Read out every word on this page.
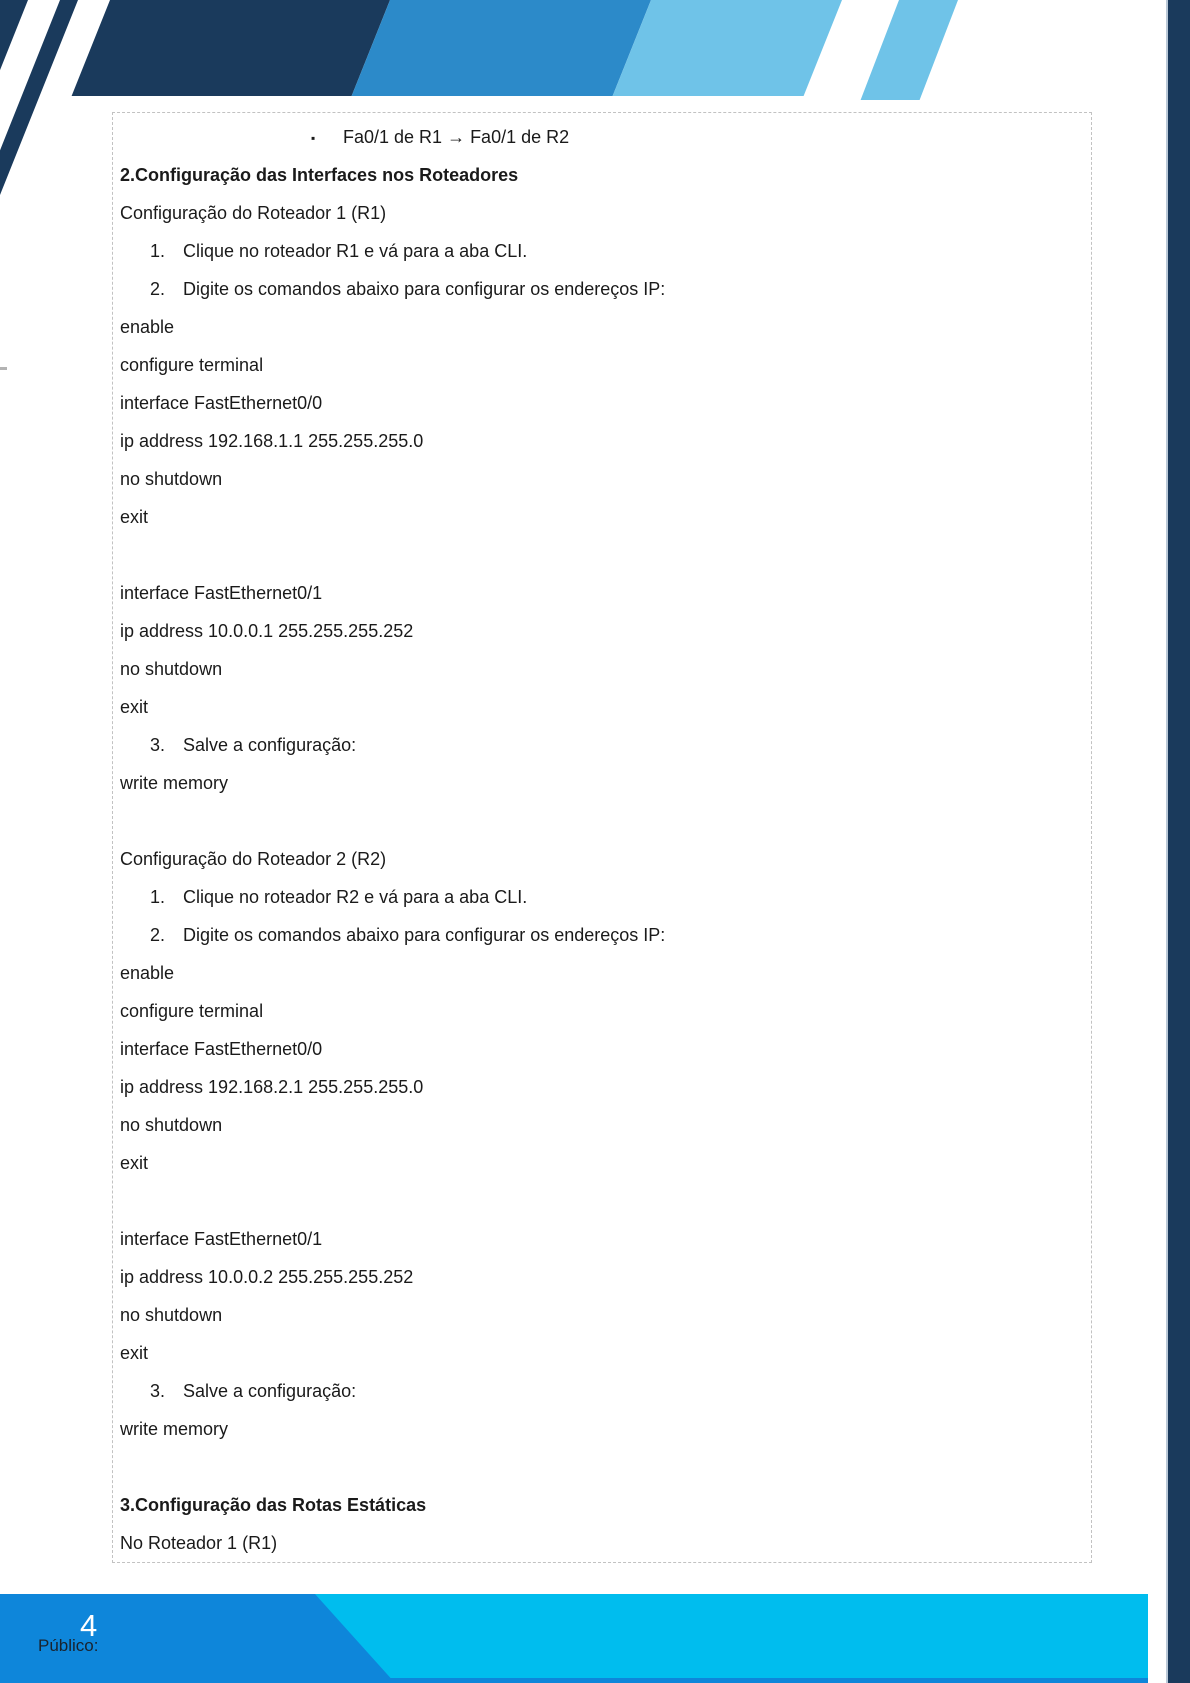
▪ Fa0/1 de R1 → Fa0/1 de R2
2.Configuração das Interfaces nos Roteadores
Configuração do Roteador 1 (R1)
1. Clique no roteador R1 e vá para a aba CLI.
2. Digite os comandos abaixo para configurar os endereços IP:
enable
configure terminal
interface FastEthernet0/0
ip address 192.168.1.1 255.255.255.0
no shutdown
exit
interface FastEthernet0/1
ip address 10.0.0.1 255.255.255.252
no shutdown
exit
3. Salve a configuração:
write memory
Configuração do Roteador 2 (R2)
1. Clique no roteador R2 e vá para a aba CLI.
2. Digite os comandos abaixo para configurar os endereços IP:
enable
configure terminal
interface FastEthernet0/0
ip address 192.168.2.1 255.255.255.0
no shutdown
exit
interface FastEthernet0/1
ip address 10.0.0.2 255.255.255.252
no shutdown
exit
3. Salve a configuração:
write memory
3.Configuração das Rotas Estáticas
No Roteador 1 (R1)
Público:
4
